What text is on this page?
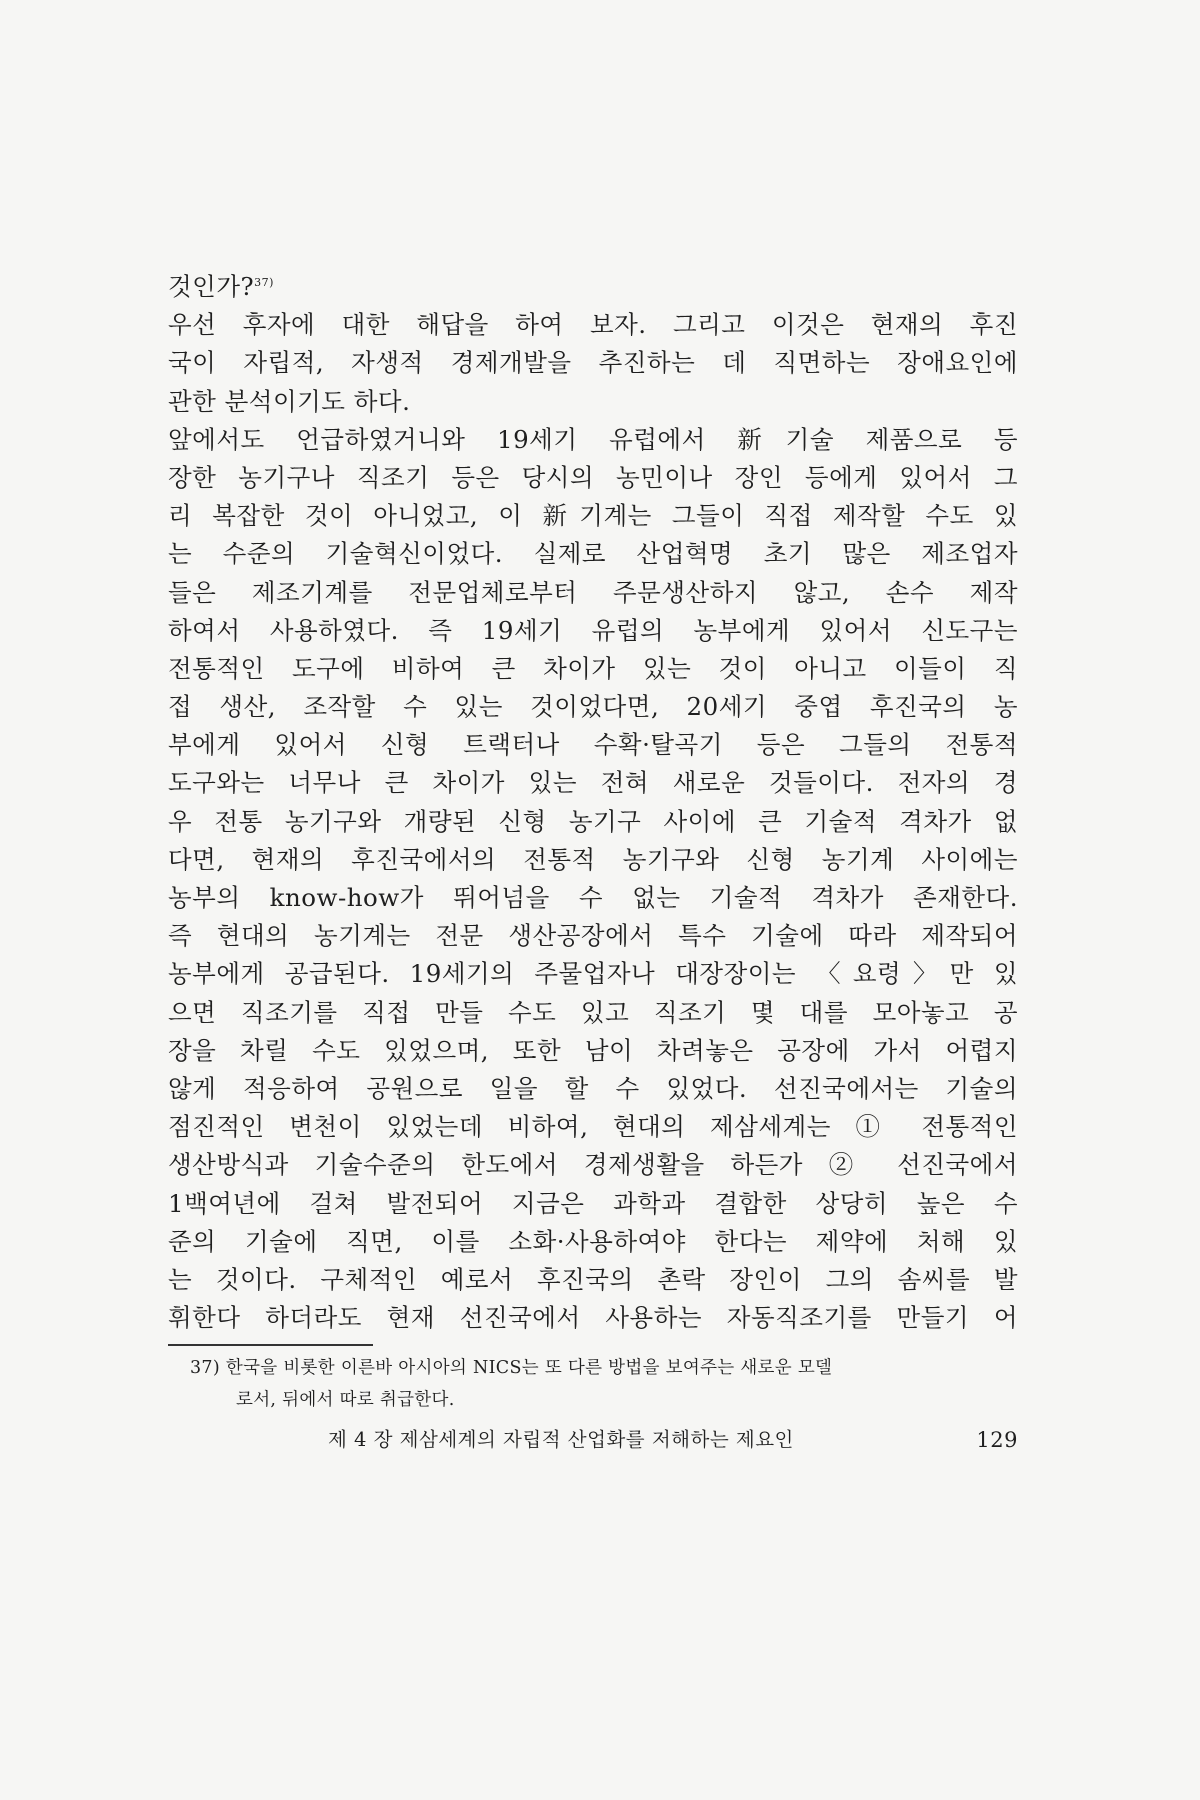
것인가?$^{37)}$
우선 후자에 대한 해답을 하여 보자. 그리고 이것은 현재의 후진
국이 자립적, 자생적 경제개발을 추진하는 데 직면하는 장애요인에
관한 분석이기도 하다.
앞에서도 언급하였거니와 19세기 유럽에서 新기술 제품으로 등
장한 농기구나 직조기 등은 당시의 농민이나 장인 등에게 있어서 그
리 복잡한 것이 아니었고, 이 新기계는 그들이 직접 제작할 수도 있
는 수준의 기술혁신이었다. 실제로 산업혁명 초기 많은 제조업자
들은 제조기계를 전문업체로부터 주문생산하지 않고, 손수 제작
하여서 사용하였다. 즉 19세기 유럽의 농부에게 있어서 신도구는
전통적인 도구에 비하여 큰 차이가 있는 것이 아니고 이들이 직
접 생산, 조작할 수 있는 것이었다면, 20세기 중엽 후진국의 농
부에게 있어서 신형 트랙터나 수확·탈곡기 등은 그들의 전통적
도구와는 너무나 큰 차이가 있는 전혀 새로운 것들이다. 전자의 경
우 전통 농기구와 개량된 신형 농기구 사이에 큰 기술적 격차가 없
다면, 현재의 후진국에서의 전통적 농기구와 신형 농기계 사이에는
농부의 know-how가 뛰어넘을 수 없는 기술적 격차가 존재한다.
즉 현대의 농기계는 전문 생산공장에서 특수 기술에 따라 제작되어
농부에게 공급된다. 19세기의 주물업자나 대장장이는 〈요령〉만 있
으면 직조기를 직접 만들 수도 있고 직조기 몇 대를 모아놓고 공
장을 차릴 수도 있었으며, 또한 남이 차려놓은 공장에 가서 어렵지
않게 적응하여 공원으로 일을 할 수 있었다. 선진국에서는 기술의
점진적인 변천이 있었는데 비하여, 현대의 제삼세계는 ① 전통적인
생산방식과 기술수준의 한도에서 경제생활을 하든가 ② 선진국에서
1백여년에 걸쳐 발전되어 지금은 과학과 결합한 상당히 높은 수
준의 기술에 직면, 이를 소화·사용하여야 한다는 제약에 처해 있
는 것이다. 구체적인 예로서 후진국의 촌락 장인이 그의 솜씨를 발
휘한다 하더라도 현재 선진국에서 사용하는 자동직조기를 만들기 어
37) 한국을 비롯한 이른바 아시아의 NICS는 또 다른 방법을 보여주는 새로운 모델
로서, 뒤에서 따로 취급한다.
제 4 장 제삼세계의 자립적 산업화를 저해하는 제요인	129
